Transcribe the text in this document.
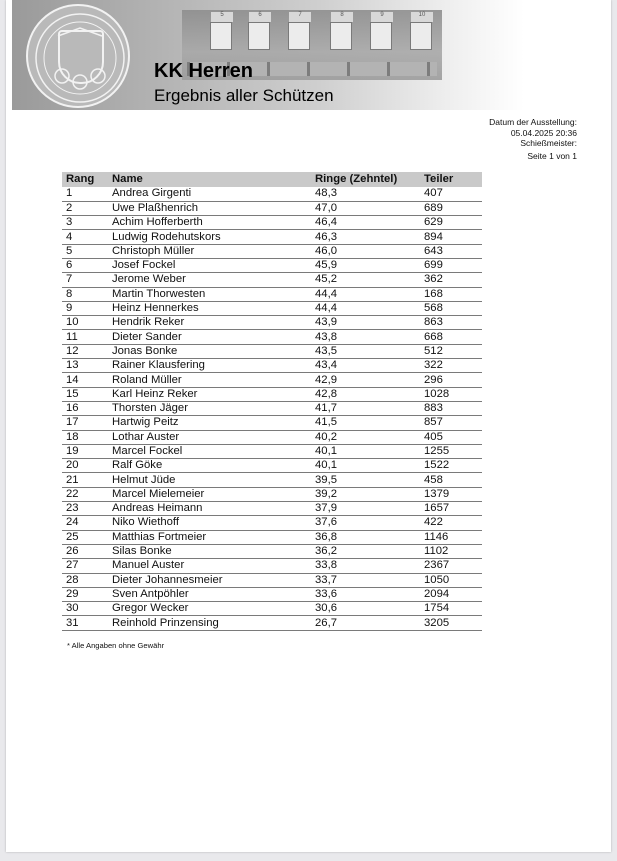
5	6	7	8	9	10
KK Herren
Ergebnis aller Schützen
Datum der Ausstellung:
05.04.2025 20:36
Schießmeister:
Seite 1 von 1
Rang	Name	Ringe (Zehntel)	Teiler
1	Andrea Girgenti	48,3	407
2	Uwe Plaßhenrich	47,0	689
3	Achim Hofferberth	46,4	629
4	Ludwig Rodehutskors	46,3	894
5	Christoph Müller	46,0	643
6	Josef Fockel	45,9	699
7	Jerome Weber	45,2	362
8	Martin Thorwesten	44,4	168
9	Heinz Hennerkes	44,4	568
10	Hendrik Reker	43,9	863
11	Dieter Sander	43,8	668
12	Jonas Bonke	43,5	512
13	Rainer Klausfering	43,4	322
14	Roland Müller	42,9	296
15	Karl Heinz Reker	42,8	1028
16	Thorsten Jäger	41,7	883
17	Hartwig Peitz	41,5	857
18	Lothar Auster	40,2	405
19	Marcel Fockel	40,1	1255
20	Ralf Göke	40,1	1522
21	Helmut Jüde	39,5	458
22	Marcel Mielemeier	39,2	1379
23	Andreas Heimann	37,9	1657
24	Niko Wiethoff	37,6	422
25	Matthias Fortmeier	36,8	1146
26	Silas Bonke	36,2	1102
27	Manuel Auster	33,8	2367
28	Dieter Johannesmeier	33,7	1050
29	Sven Antpöhler	33,6	2094
30	Gregor Wecker	30,6	1754
31	Reinhold Prinzensing	26,7	3205
* Alle Angaben ohne Gewähr
